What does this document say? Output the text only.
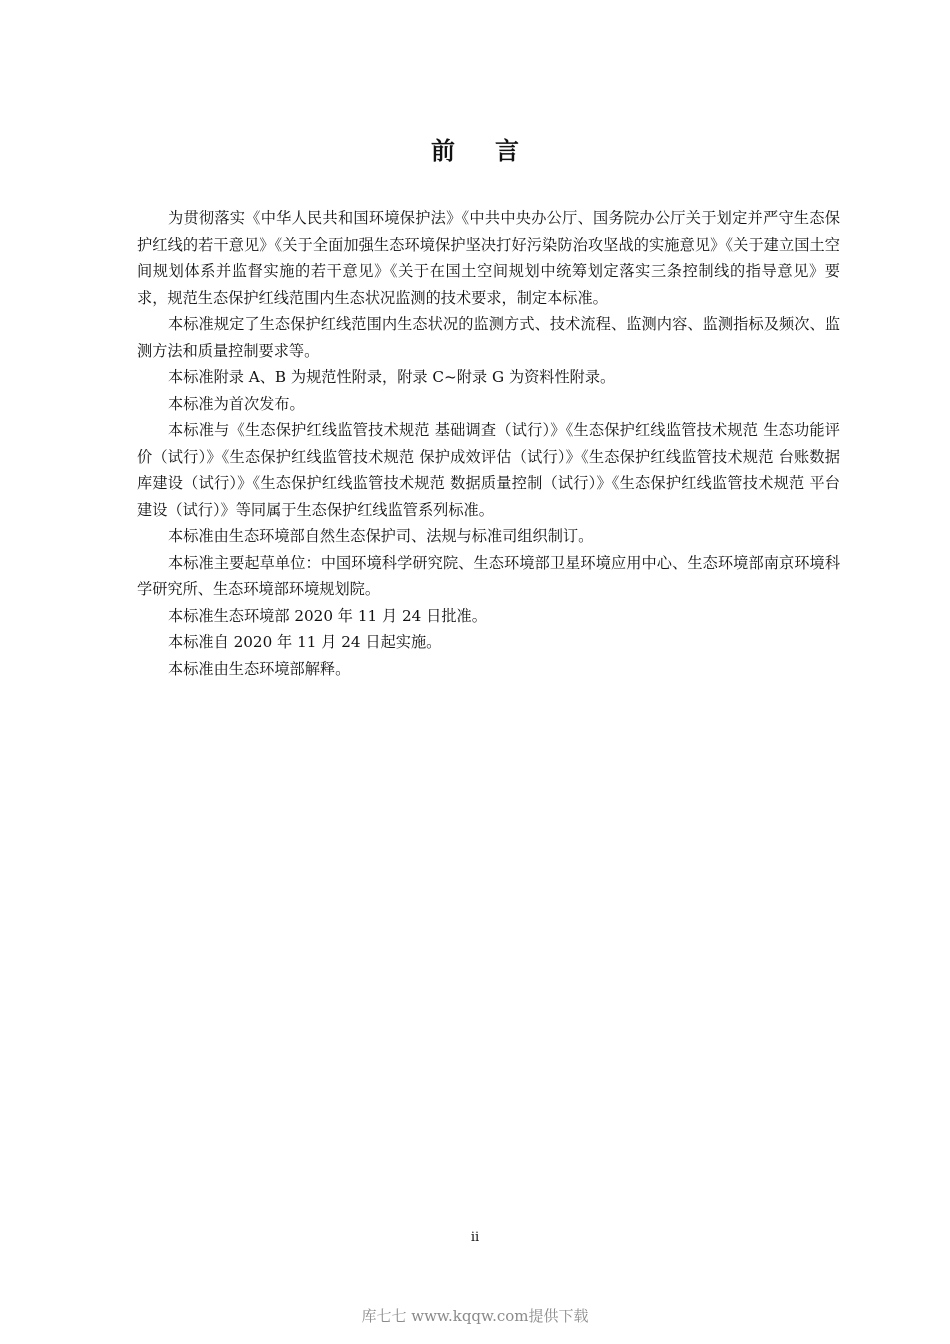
前言

为贯彻落实《中华人民共和国环境保护法》《中共中央办公厅、国务院办公厅关于划定并严守生态保护红线的若干意见》《关于全面加强生态环境保护坚决打好污染防治攻坚战的实施意见》《关于建立国土空间规划体系并监督实施的若干意见》《关于在国土空间规划中统筹划定落实三条控制线的指导意见》要求，规范生态保护红线范围内生态状况监测的技术要求，制定本标准。

本标准规定了生态保护红线范围内生态状况的监测方式、技术流程、监测内容、监测指标及频次、监测方法和质量控制要求等。

本标准附录 A、B 为规范性附录，附录 C~附录 G 为资料性附录。

本标准为首次发布。

本标准与《生态保护红线监管技术规范 基础调查（试行）》《生态保护红线监管技术规范 生态功能评价（试行）》《生态保护红线监管技术规范 保护成效评估（试行）》《生态保护红线监管技术规范 台账数据库建设（试行）》《生态保护红线监管技术规范 数据质量控制（试行）》《生态保护红线监管技术规范 平台建设（试行）》等同属于生态保护红线监管系列标准。

本标准由生态环境部自然生态保护司、法规与标准司组织制订。

本标准主要起草单位：中国环境科学研究院、生态环境部卫星环境应用中心、生态环境部南京环境科学研究所、生态环境部环境规划院。

本标准生态环境部 2020 年 11 月 24 日批准。

本标准自 2020 年 11 月 24 日起实施。

本标准由生态环境部解释。

ii
库七七 www.kqqw.com提供下载
